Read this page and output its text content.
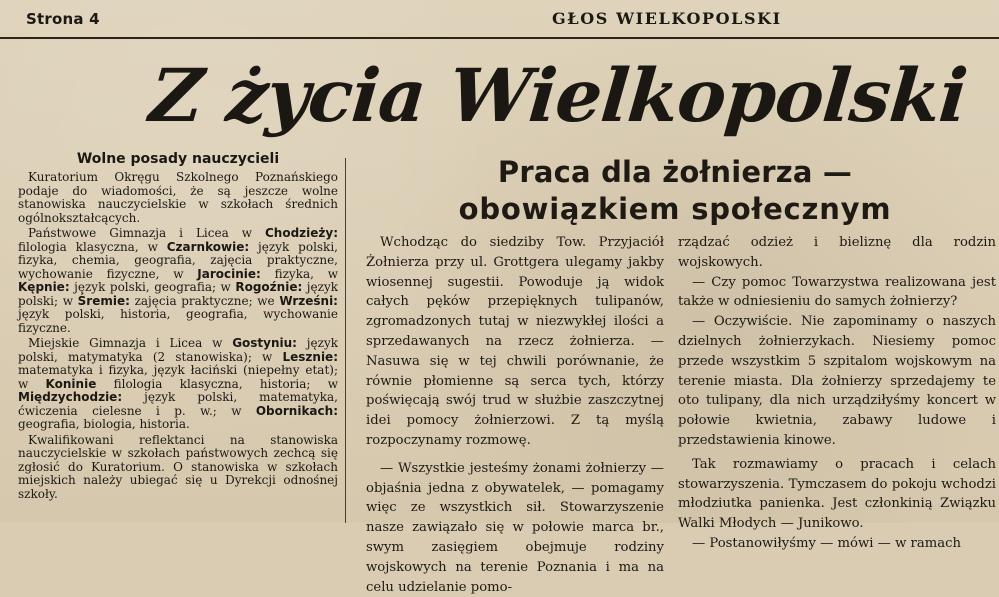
Strona 4	GŁOS WIELKOPOLSKI
Z życia Wielkopolski
Wolne posady nauczycieli

Kuratorium Okręgu Szkolnego Poznańskiego podaje do wiadomości, że są jeszcze wolne stanowiska nauczycielskie w szkołach średnich ogólnokształcących.

Państwowe Gimnazja i Licea w Chodzieży: filologia klasyczna, w Czarnkowie: język polski, fizyka, chemia, geografia, zajęcia praktyczne, wychowanie fizyczne, w Jarocinie: fizyka, w Kępnie: język polski, geografia; w Rogoźnie: język polski; w Śremie: zajęcia praktyczne; we Wrześni: język polski, historia, geografia, wychowanie fizyczne.

Miejskie Gimnazja i Licea w Gostyniu: język polski, matymatyka (2 stanowiska); w Lesznie: matematyka i fizyka, język łaciński (niepełny etat); w Koninie filologia klasyczna, historia; w Międzychodzie: język polski, matematyka, ćwiczenia cielesne i p. w.; w Obornikach: geografia, biologia, historia.

Kwalifikowani reflektanci na stanowiska nauczycielskie w szkołach państwowych zechcą się zgłosić do Kuratorium. O stanowiska w szkołach miejskich należy ubiegać się u Dyrekcji odnośnej szkoły.

Praca dla żołnierza —
obowiązkiem społecznym

Wchodząc do siedziby Tow. Przyjaciół Żołnierza przy ul. Grottgera ulegamy jakby wiosennej sugestii. Powoduje ją widok całych pęków przepięknych tulipanów, zgromadzonych tutaj w niezwykłej ilości a sprzedawanych na rzecz żołnierza. — Nasuwa się w tej chwili porównanie, że równie płomienne są serca tych, którzy poświęcają swój trud w służbie zaszczytnej idei pomocy żołnierzowi. Z tą myślą rozpoczynamy rozmowę.

— Wszystkie jesteśmy żonami żołnierzy — objaśnia jedna z obywatelek, — pomagamy więc ze wszystkich sił. Stowarzyszenie nasze zawiązało się w połowie marca br., swym zasięgiem obejmuje rodziny wojskowych na terenie Poznania i ma na celu udzielanie pomo-

rządzać odzież i bieliznę dla rodzin wojskowych.

— Czy pomoc Towarzystwa realizowana jest także w odniesieniu do samych żołnierzy?

— Oczywiście. Nie zapominamy o naszych dzielnych żołnierzykach. Niesiemy pomoc przede wszystkim 5 szpitalom wojskowym na terenie miasta. Dla żołnierzy sprzedajemy te oto tulipany, dla nich urządziłyśmy koncert w połowie kwietnia, zabawy ludowe i przedstawienia kinowe.

Tak rozmawiamy o pracach i celach stowarzyszenia. Tymczasem do pokoju wchodzi młodziutka panienka. Jest członkinią Związku Walki Młodych — Junikowo.

— Postanowiłyśmy — mówi — w ramach
